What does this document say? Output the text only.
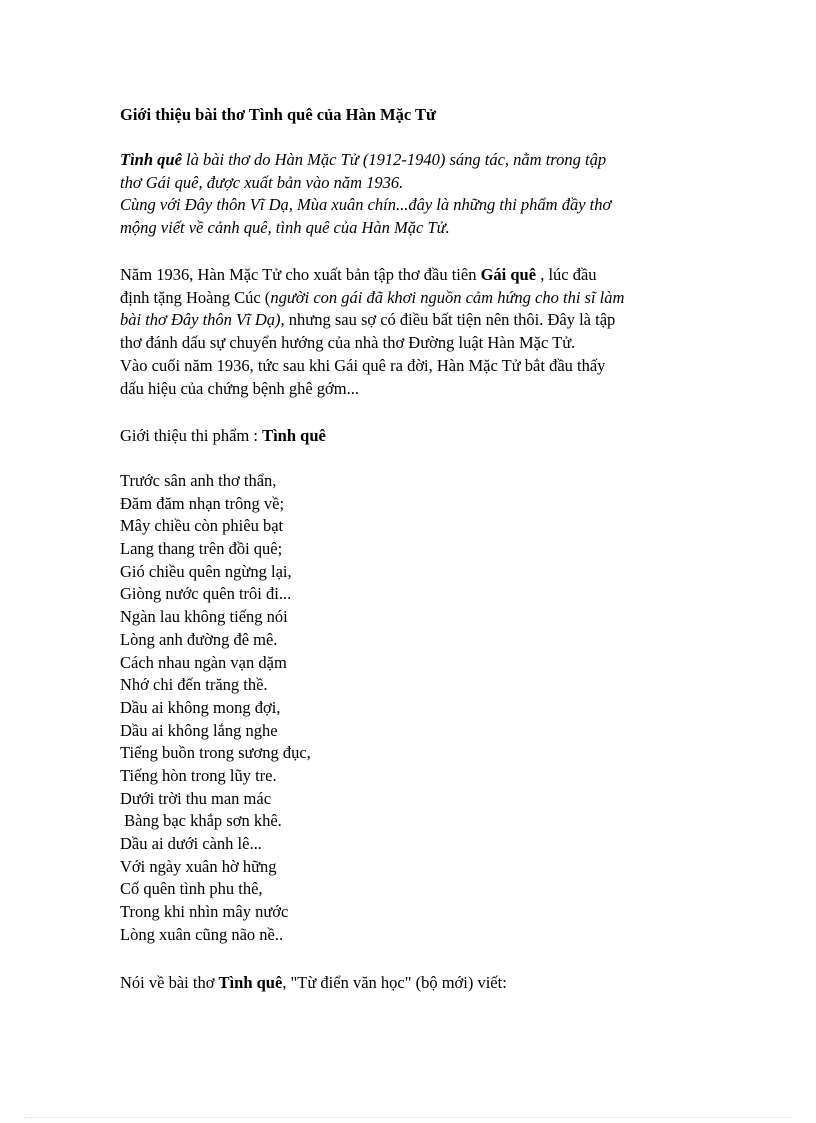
Giới thiệu bài thơ Tình quê của Hàn Mặc Tử

Tình quê là bài thơ do Hàn Mặc Tử (1912-1940) sáng tác, nằm trong tập
thơ Gái quê, được xuất bản vào năm 1936.
Cùng với Đây thôn Vĩ Dạ, Mùa xuân chín...đây là những thi phẩm đầy thơ
mộng viết về cảnh quê, tình quê của Hàn Mặc Tử.

Năm 1936, Hàn Mặc Tử cho xuất bản tập thơ đầu tiên Gái quê , lúc đầu
định tặng Hoàng Cúc (người con gái đã khơi nguồn cảm hứng cho thi sĩ làm
bài thơ Đây thôn Vĩ Dạ), nhưng sau sợ có điều bất tiện nên thôi. Đây là tập
thơ đánh dấu sự chuyển hướng của nhà thơ Đường luật Hàn Mặc Tử.
Vào cuối năm 1936, tức sau khi Gái quê ra đời, Hàn Mặc Tử bắt đầu thấy
dấu hiệu của chứng bệnh ghê gớm...

Giới thiệu thi phẩm : Tình quê

Trước sân anh thơ thẩn,
Đăm đăm nhạn trông về;
Mây chiều còn phiêu bạt
Lang thang trên đồi quê;
Gió chiều quên ngừng lại,
Giòng nước quên trôi đi...
Ngàn lau không tiếng nói
Lòng anh đường đê mê.
Cách nhau ngàn vạn dặm
Nhớ chi đến trăng thề.
Dầu ai không mong đợi,
Dầu ai không lắng nghe
Tiếng buồn trong sương đục,
Tiếng hòn trong lũy tre.
Dưới trời thu man mác
Bàng bạc khắp sơn khê.
Dầu ai dưới cành lê...
Với ngày xuân hờ hững
Cố quên tình phu thê,
Trong khi nhìn mây nước
Lòng xuân cũng não nề..

Nói về bài thơ Tình quê, "Từ điển văn học" (bộ mới) viết:
